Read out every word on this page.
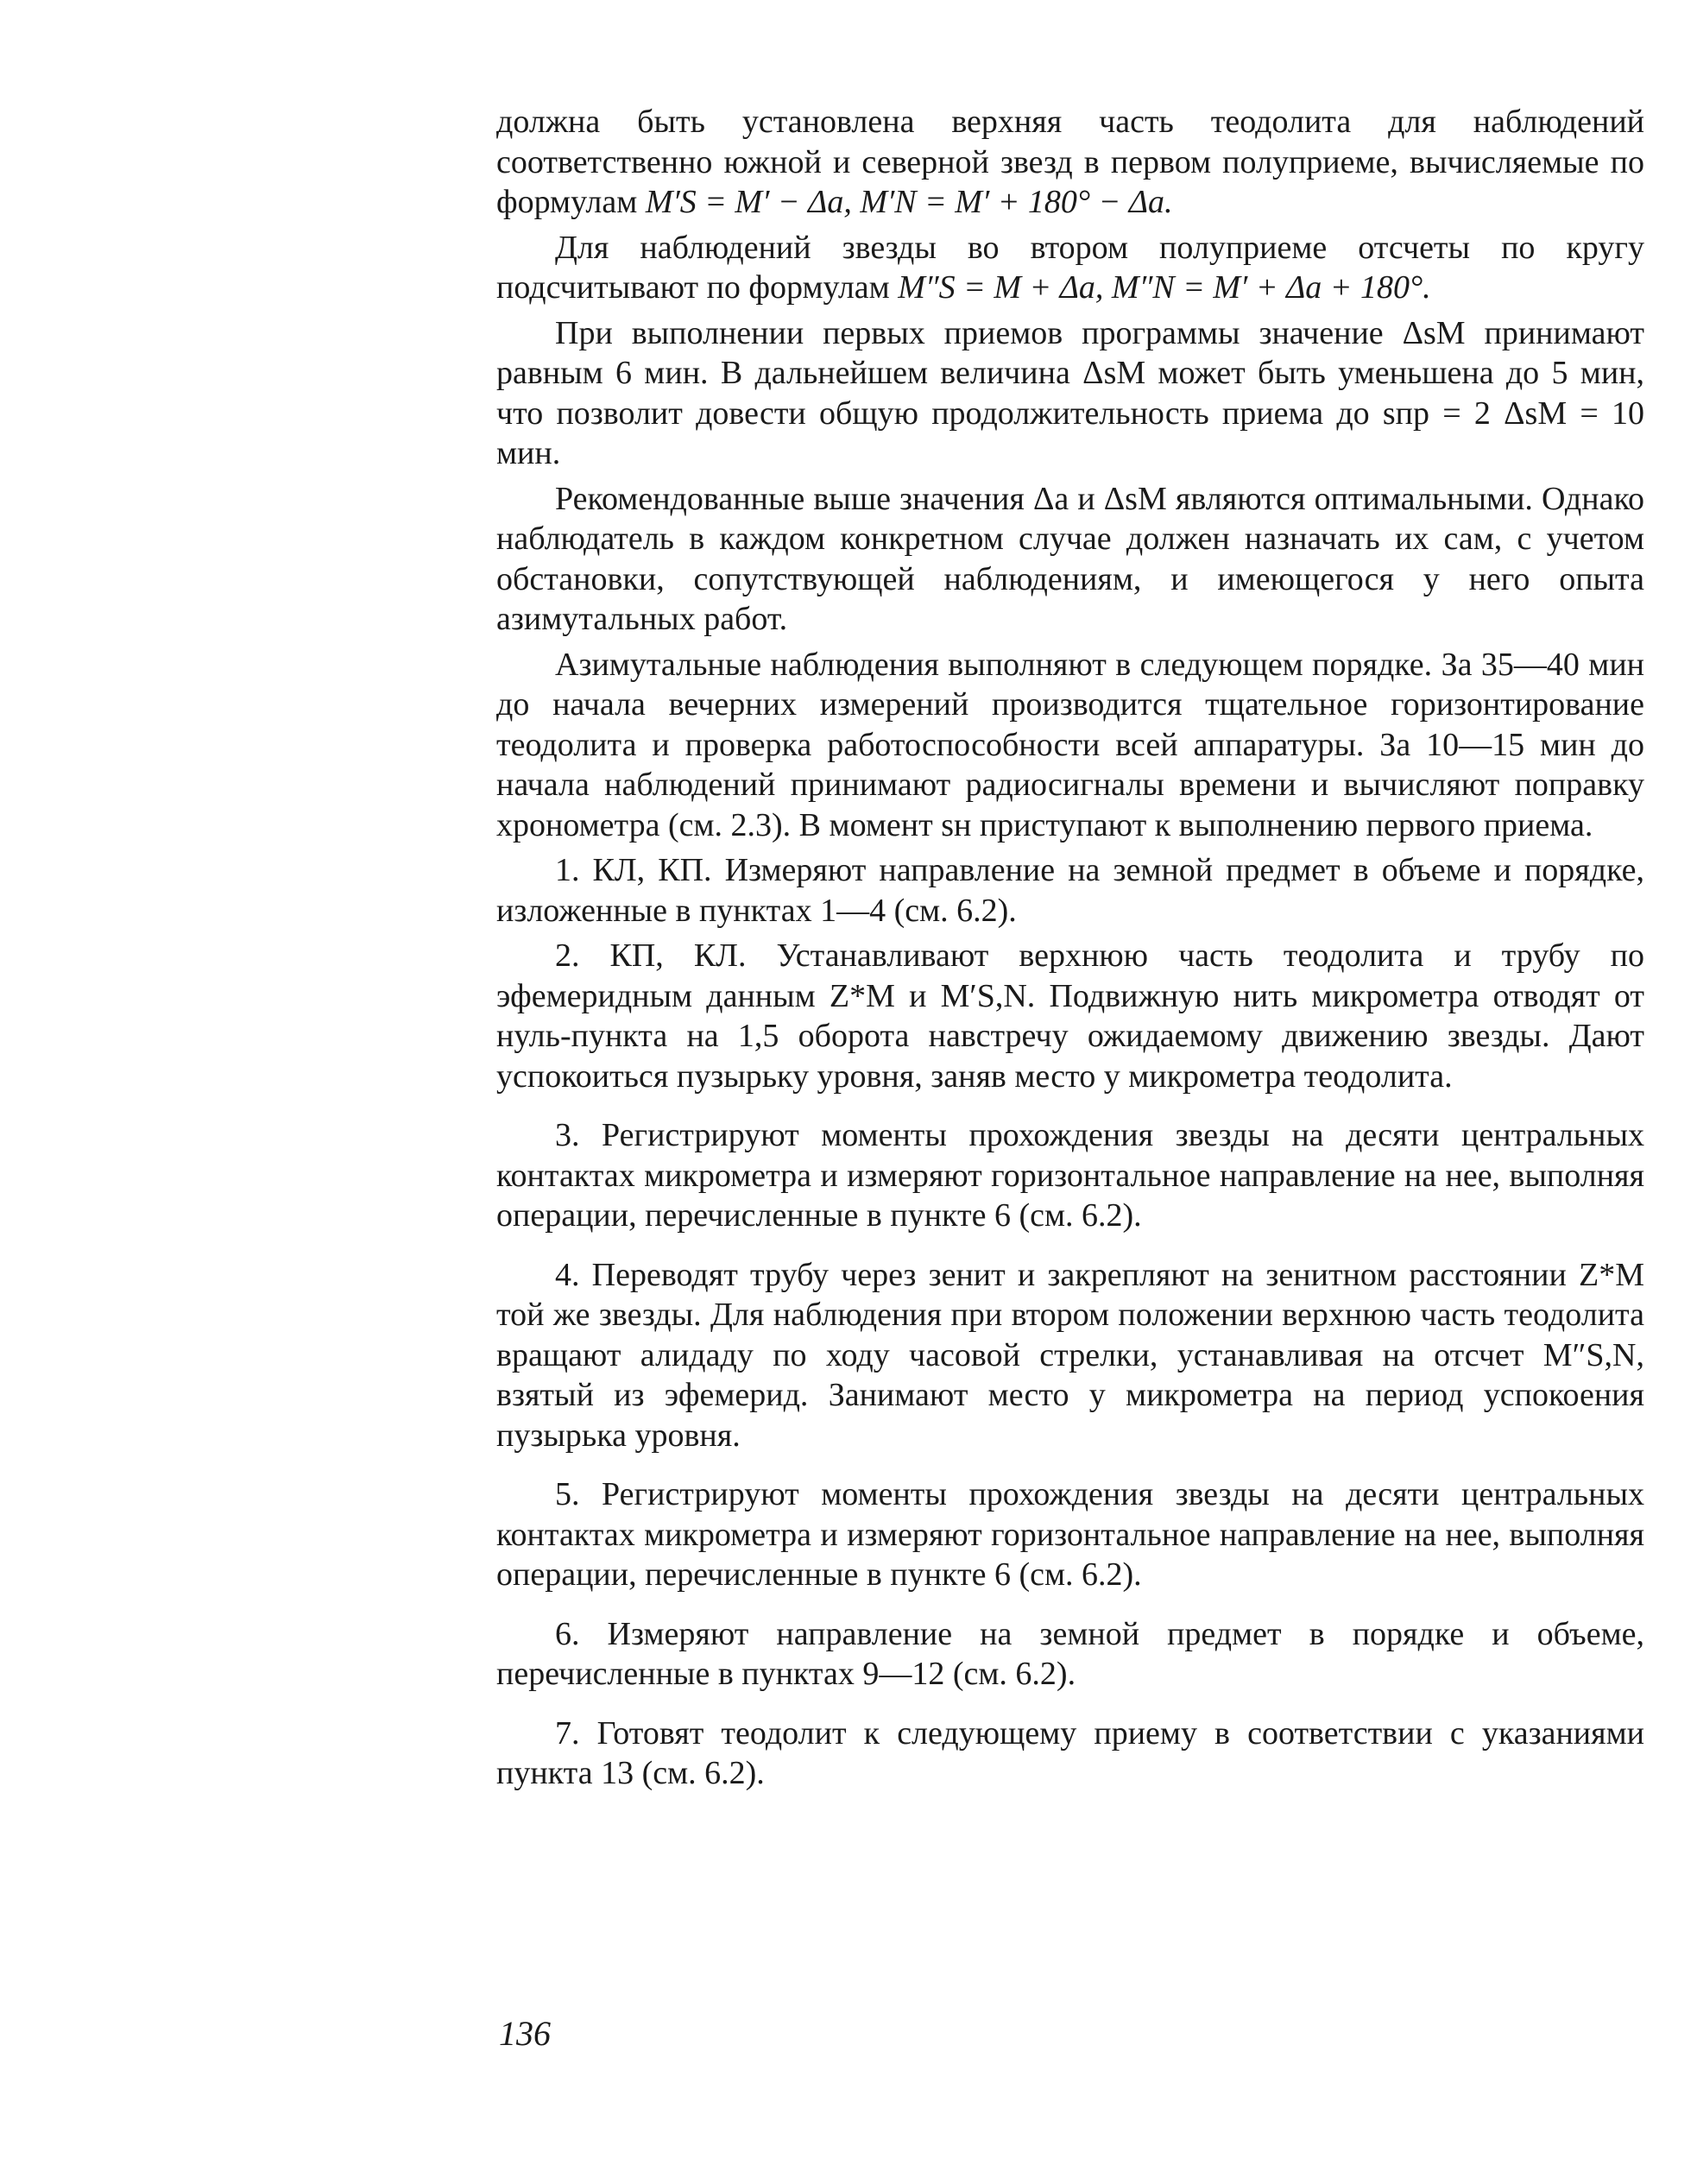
должна быть установлена верхняя часть теодолита для наблюдений соответственно южной и северной звезд в первом полуприеме, вычисляемые по формулам M′S = M′ − Δa, M′N = M′ + 180° − Δa.

Для наблюдений звезды во втором полуприеме отсчеты по кругу подсчитывают по формулам M″S = M + Δa, M″N = M′ + Δa + 180°.

При выполнении первых приемов программы значение ΔsM принимают равным 6 мин. В дальнейшем величина ΔsM может быть уменьшена до 5 мин, что позволит довести общую продолжительность приема до sпр = 2 ΔsM = 10 мин.

Рекомендованные выше значения Δa и ΔsM являются оптимальными. Однако наблюдатель в каждом конкретном случае должен назначать их сам, с учетом обстановки, сопутствующей наблюдениям, и имеющегося у него опыта азимутальных работ.

Азимутальные наблюдения выполняют в следующем порядке. За 35—40 мин до начала вечерних измерений производится тщательное горизонтирование теодолита и проверка работоспособности всей аппаратуры. За 10—15 мин до начала наблюдений принимают радиосигналы времени и вычисляют поправку хронометра (см. 2.3). В момент sн приступают к выполнению первого приема.

1. КЛ, КП. Измеряют направление на земной предмет в объеме и порядке, изложенные в пунктах 1—4 (см. 6.2).

2. КП, КЛ. Устанавливают верхнюю часть теодолита и трубу по эфемеридным данным Z*M и M′S,N. Подвижную нить микрометра отводят от нуль-пункта на 1,5 оборота навстречу ожидаемому движению звезды. Дают успокоиться пузырьку уровня, заняв место у микрометра теодолита.

3. Регистрируют моменты прохождения звезды на десяти центральных контактах микрометра и измеряют горизонтальное направление на нее, выполняя операции, перечисленные в пункте 6 (см. 6.2).

4. Переводят трубу через зенит и закрепляют на зенитном расстоянии Z*M той же звезды. Для наблюдения при втором положении верхнюю часть теодолита вращают алидаду по ходу часовой стрелки, устанавливая на отсчет M″S,N, взятый из эфемерид. Занимают место у микрометра на период успокоения пузырька уровня.

5. Регистрируют моменты прохождения звезды на десяти центральных контактах микрометра и измеряют горизонтальное направление на нее, выполняя операции, перечисленные в пункте 6 (см. 6.2).

6. Измеряют направление на земной предмет в порядке и объеме, перечисленные в пунктах 9—12 (см. 6.2).

7. Готовят теодолит к следующему приему в соответствии с указаниями пункта 13 (см. 6.2).

136
